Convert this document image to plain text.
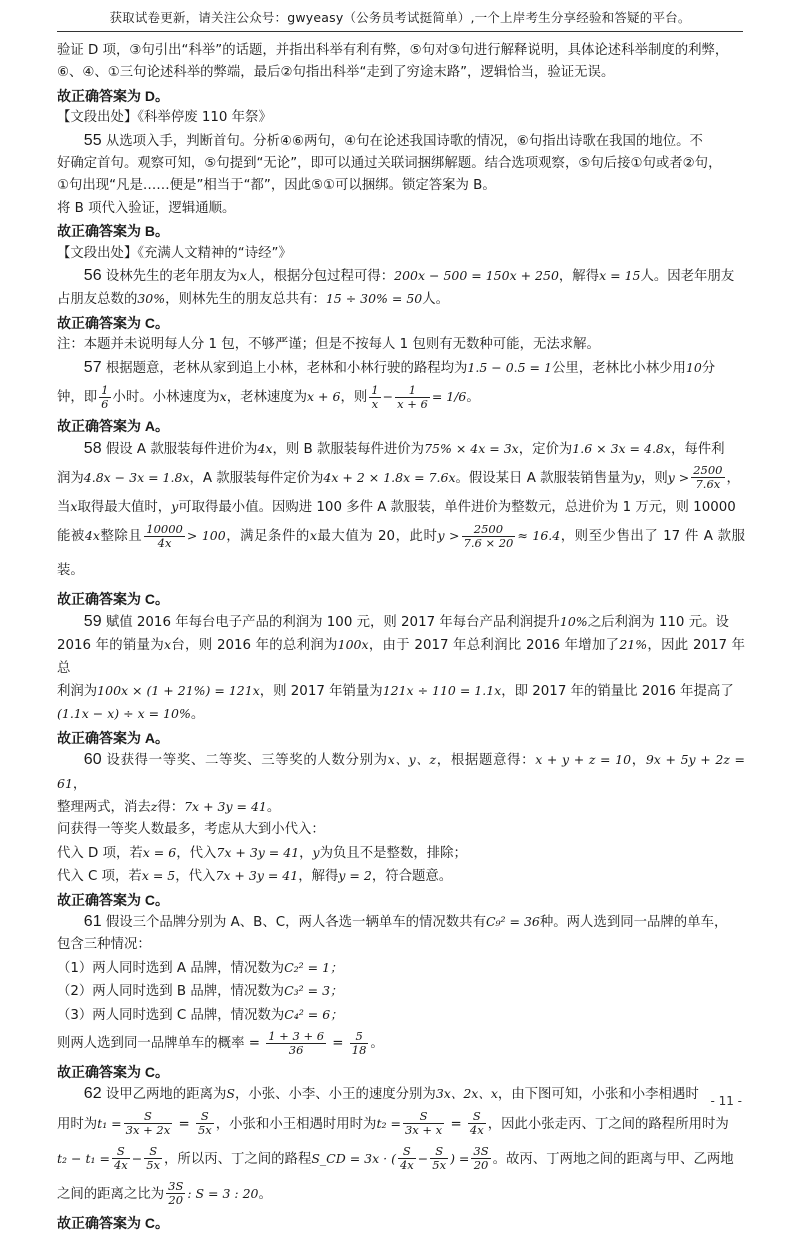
获取试卷更新，请关注公众号：gwyeasy（公务员考试挺简单）,一个上岸考生分享经验和答疑的平台。

验证 D 项，③句引出“科举”的话题，并指出科举有利有弊，⑤句对③句进行解释说明，具体论述科举制度的利弊，

⑥、④、①三句论述科举的弊端，最后②句指出科举“走到了穷途末路”，逻辑恰当，验证无误。

故正确答案为 D。

【文段出处】《科举停废 110 年祭》

55 从选项入手，判断首句。分析④⑥两句，④句在论述我国诗歌的情况，⑥句指出诗歌在我国的地位。不

好确定首句。观察可知，⑤句提到“无论”，即可以通过关联词捆绑解题。结合选项观察，⑤句后接①句或者②句，

①句出现“凡是……便是”相当于“都”，因此⑤①可以捆绑。锁定答案为 B。

将 B 项代入验证，逻辑通顺。

故正确答案为 B。

【文段出处】《充满人文精神的“诗经”》

56 设林先生的老年朋友为x人，根据分包过程可得：200x − 500 = 150x + 250，解得x = 15人。因老年朋友

占朋友总数的30%，则林先生的朋友总共有：15 ÷ 30% = 50人。

故正确答案为 C。

注：本题并未说明每人分 1 包，不够严谨；但是不按每人 1 包则有无数种可能，无法求解。

57 根据题意，老林从家到追上小林，老林和小林行驶的路程均为1.5 − 0.5 = 1公里，老林比小林少用10分

钟，即 $\frac{1}{6}$ 小时。小林速度为x，老林速度为x + 6，则 $\frac{1}{x} - \frac{1}{x + 6} = 1/6$。

故正确答案为 A。

58 假设 A 款服装每件进价为4x，则 B 款服装每件进价为75% × 4x = 3x，定价为1.6 × 3x = 4.8x，每件利

润为4.8x − 3x = 1.8x，A 款服装每件定价为4x + 2 × 1.8x = 7.6x。假设某日 A 款服装销售量为y，则$y > \frac{2500}{7.6x}$ ，

当x取得最大值时，y可取得最小值。因购进 100 多件 A 款服装，单件进价为整数元，总进价为 1 万元，则 10000

能被4x整除且 $\frac{10000}{4x} > 100$，满足条件的x最大值为 20，此时$y > \frac{2500}{7.6 \times 20} \approx 16.4$，则至少售出了 17 件 A 款服装。

故正确答案为 C。

59 赋值 2016 年每台电子产品的利润为 100 元，则 2017 年每台产品利润提升10%之后利润为 110 元。设

2016 年的销量为x台，则 2016 年的总利润为100x，由于 2017 年总利润比 2016 年增加了21%，因此 2017 年总

利润为100x × (1 + 21%) = 121x，则 2017 年销量为121x ÷ 110 = 1.1x，即 2017 年的销量比 2016 年提高了

(1.1x − x) ÷ x = 10%。

故正确答案为 A。

60 设获得一等奖、二等奖、三等奖的人数分别为x、y、z，根据题意得：x + y + z = 10，9x + 5y + 2z = 61，

整理两式，消去z得：7x + 3y = 41。

问获得一等奖人数最多，考虑从大到小代入：

代入 D 项，若x = 6，代入7x + 3y = 41，y为负且不是整数，排除；

代入 C 项，若x = 5，代入7x + 3y = 41，解得y = 2，符合题意。

故正确答案为 C。

61 假设三个品牌分别为 A、B、C，两人各选一辆单车的情况数共有C₉² = 36种。两人选到同一品牌的单车，

包含三种情况：

（1）两人同时选到 A 品牌，情况数为C₂² = 1；

（2）两人同时选到 B 品牌，情况数为C₃² = 3；

（3）两人同时选到 C 品牌，情况数为C₄² = 6；

则两人选到同一品牌单车的概率 = $\frac{1 + 3 + 6}{36} = \frac{5}{18}$ 。

故正确答案为 C。

62 设甲乙两地的距离为S，小张、小李、小王的速度分别为3x、2x、x，由下图可知，小张和小李相遇时

用时为$t_1 = \frac{S}{3x + 2x} = \frac{S}{5x}$ ，小张和小王相遇时用时为$t_2 = \frac{S}{3x + x} = \frac{S}{4x}$ ，因此小张走丙、丁之间的路程所用时为

$t_2 - t_1 = \frac{S}{4x} - \frac{S}{5x}$ ，所以丙、丁之间的路程S_CD = 3x · ( $\frac{S}{4x} - \frac{S}{5x}$ ) = $\frac{3S}{20}$ 。故丙、丁两地之间的距离与甲、乙两地

之间的距离之比为 $\frac{3S}{20}$ : S = 3 : 20。

故正确答案为 C。

- 11 -
